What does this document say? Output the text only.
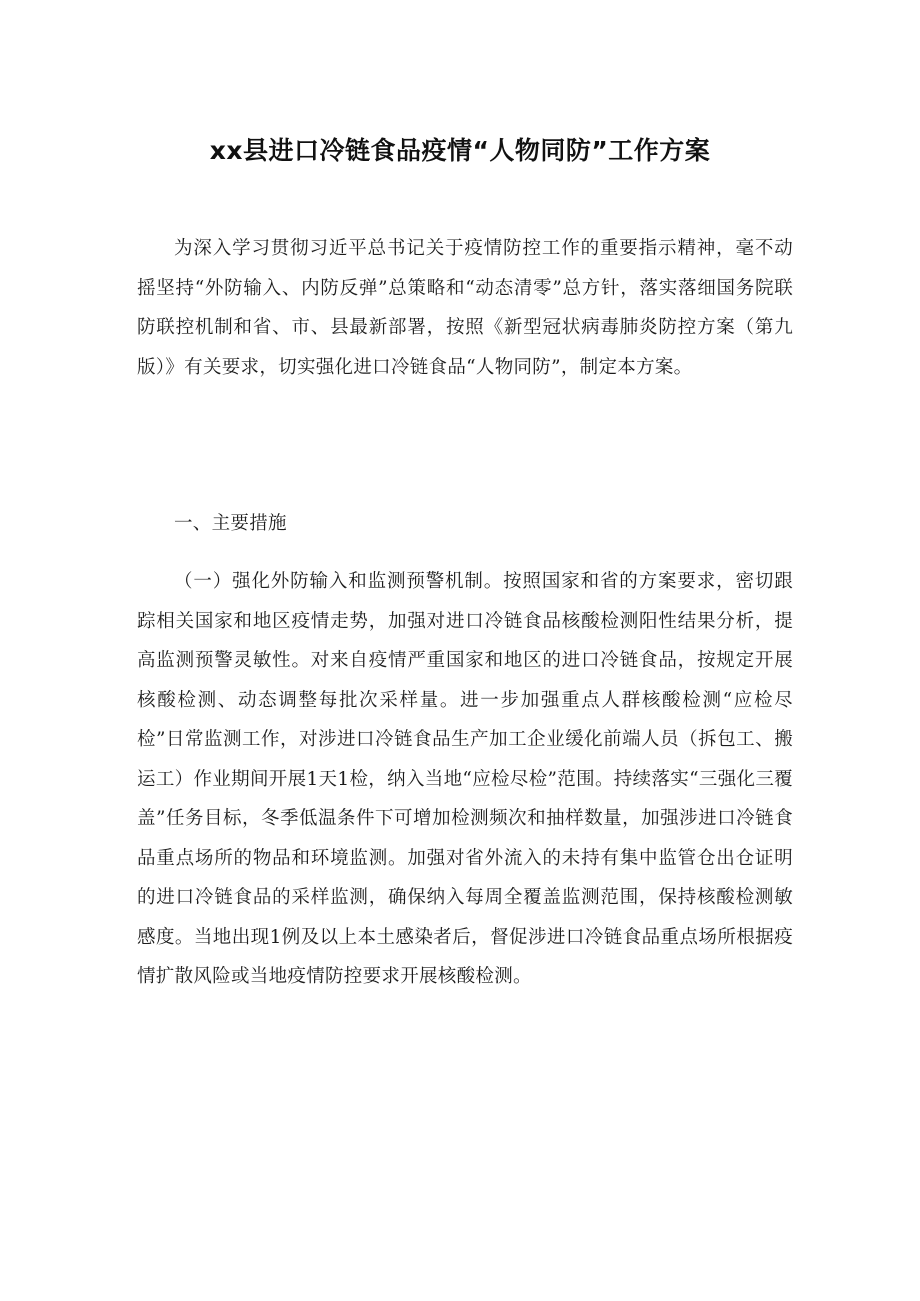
xx县进口冷链食品疫情“人物同防”工作方案

为深入学习贯彻习近平总书记关于疫情防控工作的重要指示精神，毫不动摇坚持“外防输入、内防反弹”总策略和“动态清零”总方针，落实落细国务院联防联控机制和省、市、县最新部署，按照《新型冠状病毒肺炎防控方案（第九版）》有关要求，切实强化进口冷链食品“人物同防”，制定本方案。

一、主要措施

（一）强化外防输入和监测预警机制。按照国家和省的方案要求，密切跟踪相关国家和地区疫情走势，加强对进口冷链食品核酸检测阳性结果分析，提高监测预警灵敏性。对来自疫情严重国家和地区的进口冷链食品，按规定开展核酸检测、动态调整每批次采样量。进一步加强重点人群核酸检测“应检尽检”日常监测工作，对涉进口冷链食品生产加工企业缓化前端人员（拆包工、搬运工）作业期间开展1天1检，纳入当地“应检尽检”范围。持续落实“三强化三覆盖”任务目标，冬季低温条件下可增加检测频次和抽样数量，加强涉进口冷链食品重点场所的物品和环境监测。加强对省外流入的未持有集中监管仓出仓证明的进口冷链食品的采样监测，确保纳入每周全覆盖监测范围，保持核酸检测敏感度。当地出现1例及以上本土感染者后，督促涉进口冷链食品重点场所根据疫情扩散风险或当地疫情防控要求开展核酸检测。
